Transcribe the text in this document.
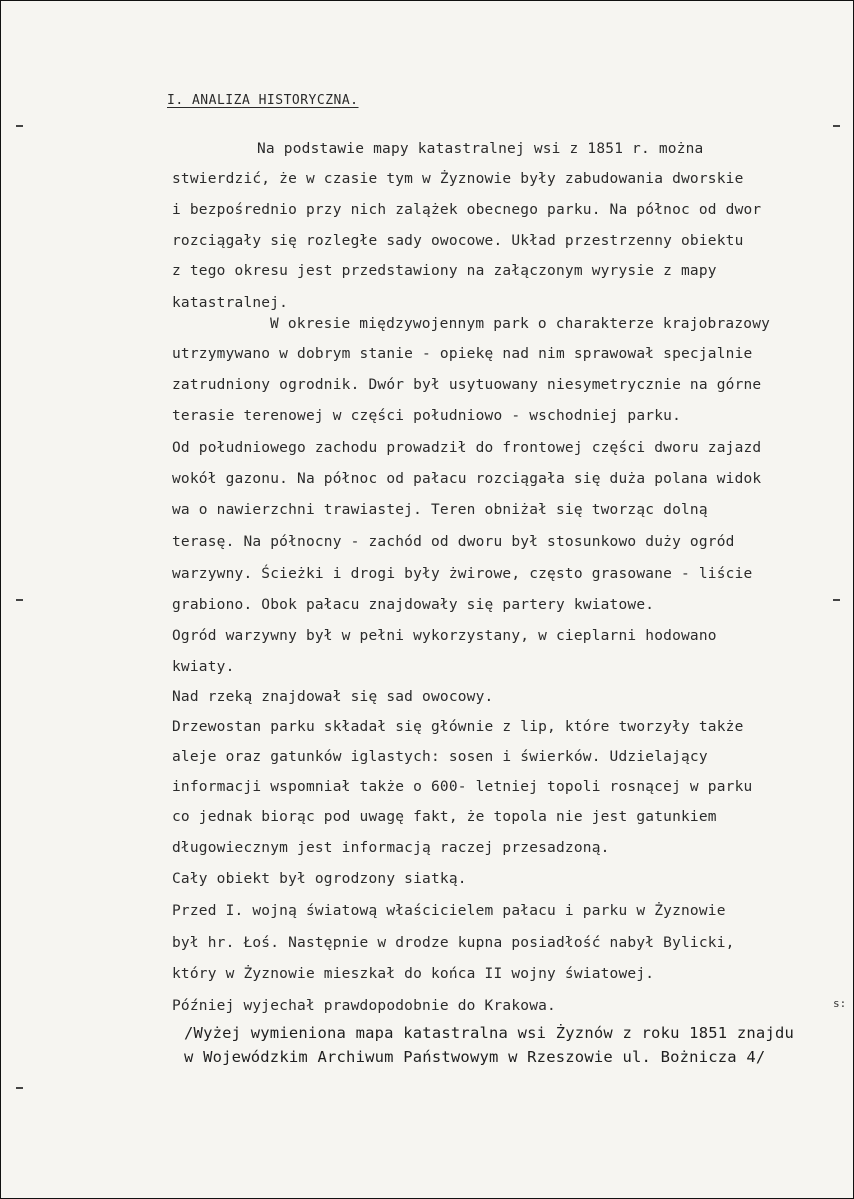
I. ANALIZA HISTORYCZNA.
Na podstawie mapy katastralnej wsi z 1851 r. można
stwierdzić, że w czasie tym w Żyznowie były zabudowania dworskie
i bezpośrednio przy nich zalążek obecnego parku. Na północ od dwor
rozciągały się rozległe sady owocowe. Układ przestrzenny obiektu
z tego okresu jest przedstawiony na załączonym wyrysie z mapy
katastralnej.
W okresie międzywojennym park o charakterze krajobrazowy
utrzymywano w dobrym stanie - opiekę nad nim sprawował specjalnie
zatrudniony ogrodnik. Dwór był usytuowany niesymetrycznie na górne
terasie terenowej w części południowo - wschodniej parku.
Od południowego zachodu prowadził do frontowej części dworu zajazd
wokół gazonu. Na północ od pałacu rozciągała się duża polana widok
wa o nawierzchni trawiastej. Teren obniżał się tworząc dolną
terasę. Na północny - zachód od dworu był stosunkowo duży ogród
warzywny. Ścieżki i drogi były żwirowe, często grasowane - liście
grabiono. Obok pałacu znajdowały się partery kwiatowe.
Ogród warzywny był w pełni wykorzystany, w cieplarni hodowano
kwiaty.
Nad rzeką znajdował się sad owocowy.
Drzewostan parku składał się głównie z lip, które tworzyły także
aleje oraz gatunków iglastych: sosen i świerków. Udzielający
informacji wspomniał także o 600- letniej topoli rosnącej w parku
co jednak biorąc pod uwagę fakt, że topola nie jest gatunkiem
długowiecznym jest informacją raczej przesadzoną.
Cały obiekt był ogrodzony siatką.
Przed I. wojną światową właścicielem pałacu i parku w Żyznowie
był hr. Łoś. Następnie w drodze kupna posiadłość nabył Bylicki,
który w Żyznowie mieszkał do końca II wojny światowej.
Później wyjechał prawdopodobnie do Krakowa.
/Wyżej wymieniona mapa katastralna wsi Żyznów z roku 1851 znajdu
w Wojewódzkim Archiwum Państwowym w Rzeszowie ul. Bożnicza 4/
s:
